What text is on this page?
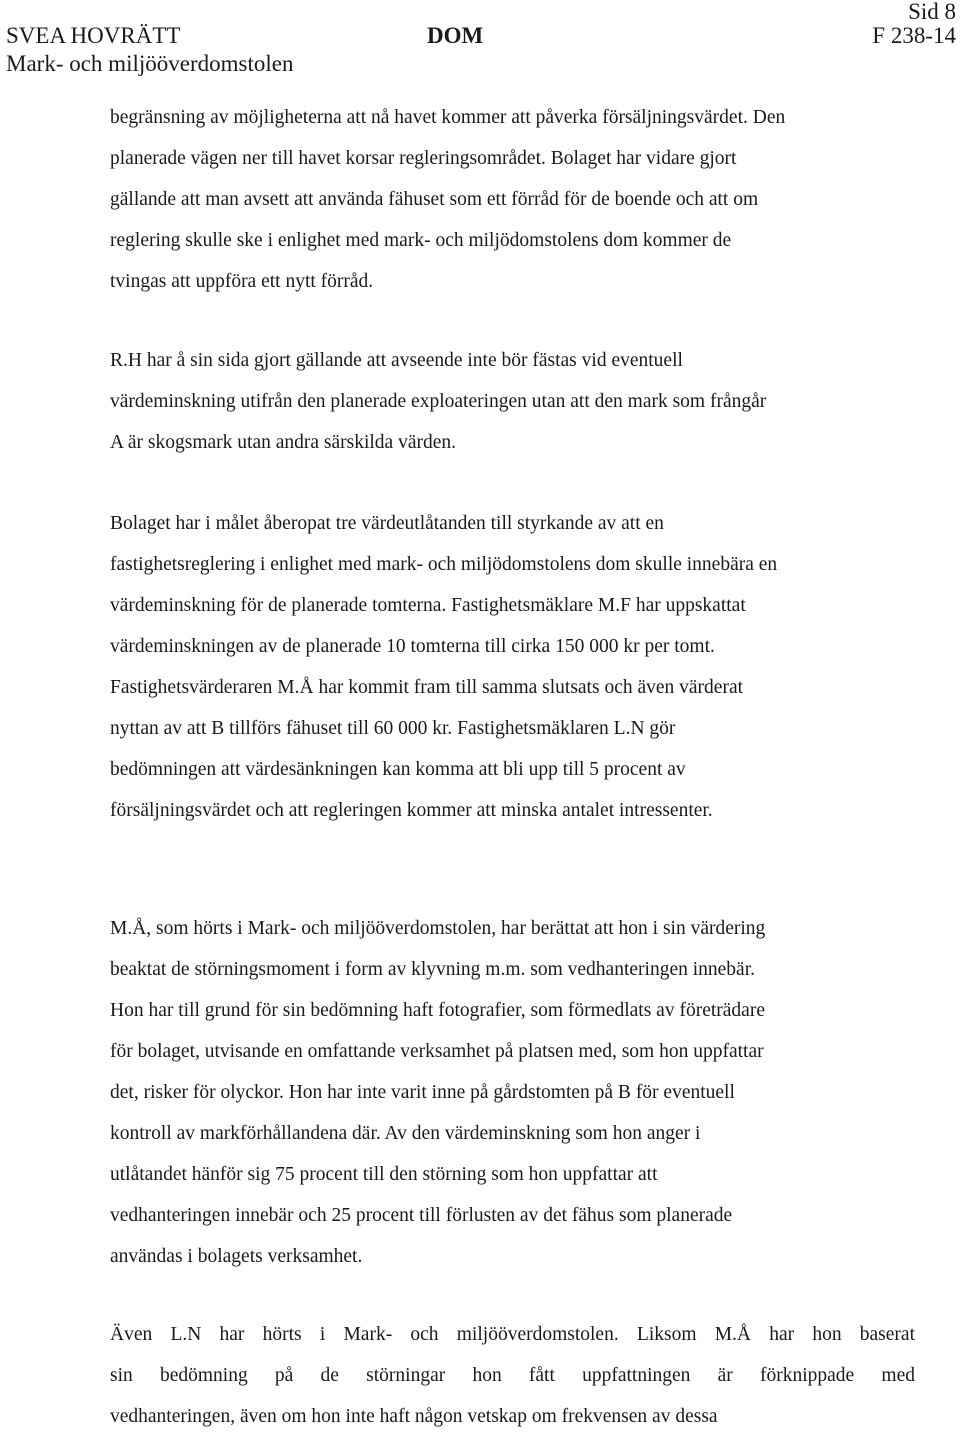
SVEA HOVRÄTT
Mark- och miljööverdomstolen
DOM
Sid 8
F 238-14
begränsning av möjligheterna att nå havet kommer att påverka försäljningsvärdet. Den
planerade vägen ner till havet korsar regleringsområdet. Bolaget har vidare gjort
gällande att man avsett att använda fähuset som ett förråd för de boende och att om
reglering skulle ske i enlighet med mark- och miljödomstolens dom kommer de
tvingas att uppföra ett nytt förråd.
R.H har å sin sida gjort gällande att avseende inte bör fästas vid eventuell
värdeminskning utifrån den planerade exploateringen utan att den mark som frångår
A är skogsmark utan andra särskilda värden.
Bolaget har i målet åberopat tre värdeutlåtanden till styrkande av att en
fastighetsreglering i enlighet med mark- och miljödomstolens dom skulle innebära en
värdeminskning för de planerade tomterna. Fastighetsmäklare M.F har uppskattat
värdeminskningen av de planerade 10 tomterna till cirka 150 000 kr per tomt.
Fastighetsvärderaren M.Å har kommit fram till samma slutsats och även värderat
nyttan av att B tillförs fähuset till 60 000 kr. Fastighetsmäklaren L.N gör
bedömningen att värdesänkningen kan komma att bli upp till 5 procent av
försäljningsvärdet och att regleringen kommer att minska antalet intressenter.
M.Å, som hörts i Mark- och miljööverdomstolen, har berättat att hon i sin värdering
beaktat de störningsmoment i form av klyvning m.m. som vedhanteringen innebär.
Hon har till grund för sin bedömning haft fotografier, som förmedlats av företrädare
för bolaget, utvisande en omfattande verksamhet på platsen med, som hon uppfattar
det, risker för olyckor. Hon har inte varit inne på gårdstomten på B för eventuell
kontroll av markförhållandena där. Av den värdeminskning som hon anger i
utlåtandet hänför sig 75 procent till den störning som hon uppfattar att
vedhanteringen innebär och 25 procent till förlusten av det fähus som planerade
användas i bolagets verksamhet.
Även L.N har hörts i Mark- och miljööverdomstolen. Liksom M.Å har hon baserat
sin bedömning på de störningar hon fått uppfattningen är förknippade med
vedhanteringen, även om hon inte haft någon vetskap om frekvensen av dessa
